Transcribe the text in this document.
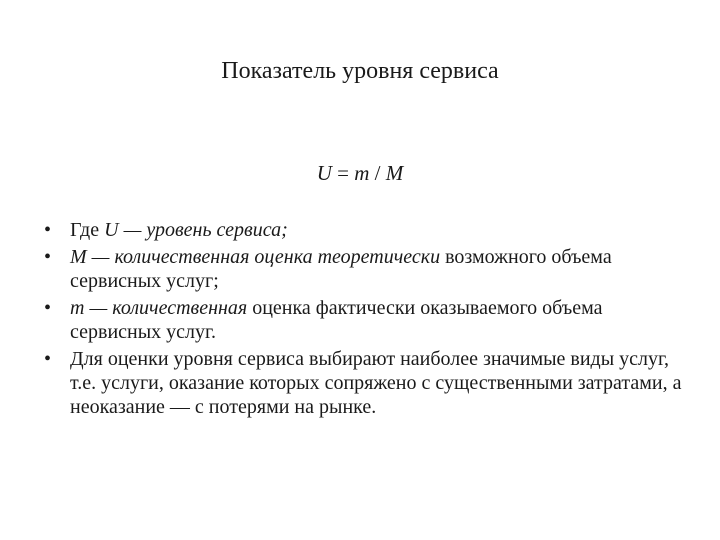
Показатель уровня сервиса
U = m / M
• Где U — уровень сервиса;
• М — количественная оценка теоретически возможного объема сервисных услуг;
• т — количественная оценка фактически оказываемого объема сервисных услуг.
• Для оценки уровня сервиса выбирают наиболее значимые виды услуг, т.е. услуги, оказание которых сопряжено с существенными затратами, а неоказание — с потерями на рынке.
